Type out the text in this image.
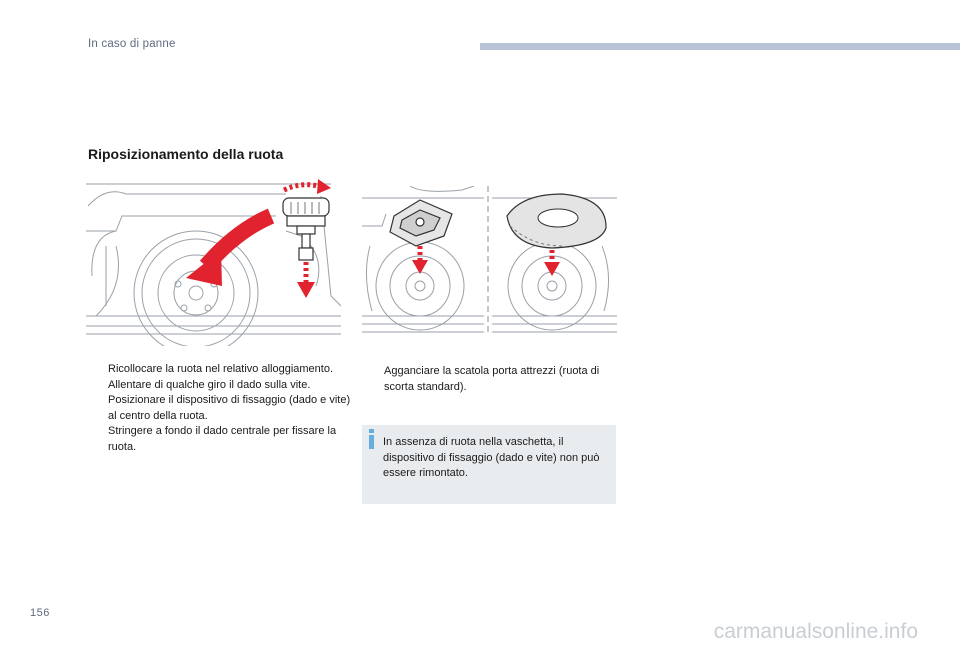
In caso di panne
Riposizionamento della ruota
Ricollocare la ruota nel relativo alloggiamento.
Allentare di qualche giro il dado sulla vite.
Posizionare il dispositivo di fissaggio (dado e vite) al centro della ruota.
Stringere a fondo il dado centrale per fissare la ruota.
Agganciare la scatola porta attrezzi (ruota di scorta standard).
In assenza di ruota nella vaschetta, il dispositivo di fissaggio (dado e vite) non può essere rimontato.
156
carmanualsonline.info
